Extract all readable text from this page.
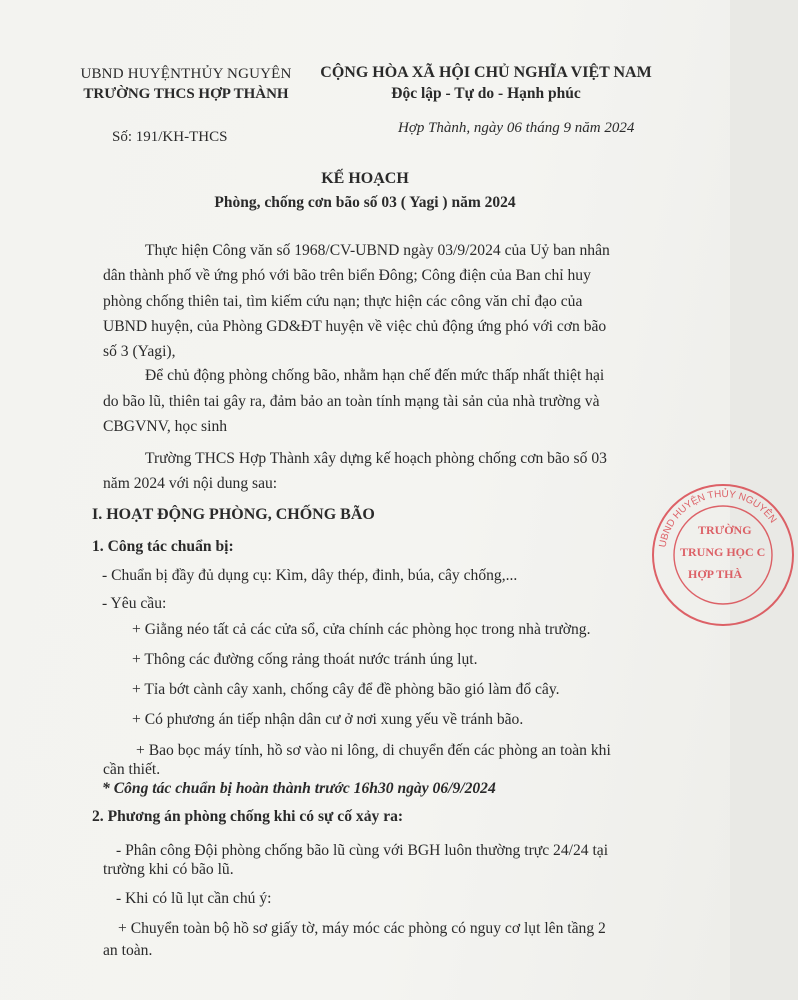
UBND HUYỆNTHỦY NGUYÊN
TRƯỜNG THCS HỢP THÀNH
CỘNG HÒA XÃ HỘI CHỦ NGHĨA VIỆT NAM
Độc lập - Tự do - Hạnh phúc
Số: 191/KH-THCS
Hợp Thành, ngày 06 tháng 9 năm 2024
KẾ HOẠCH
Phòng, chống cơn bão số 03 ( Yagi ) năm 2024
Thực hiện Công văn số 1968/CV-UBND ngày 03/9/2024 của Uỷ ban nhân
dân thành phố về ứng phó với bão trên biển Đông; Công điện của Ban chỉ huy
phòng chống thiên tai, tìm kiếm cứu nạn; thực hiện các công văn chỉ đạo của
UBND huyện, của Phòng GD&ĐT huyện về việc chủ động ứng phó với cơn bão
số 3 (Yagi),
Để chủ động phòng chống bão, nhằm hạn chế đến mức thấp nhất thiệt hại
do bão lũ, thiên tai gây ra, đảm bảo an toàn tính mạng tài sản của nhà trường và
CBGVNV, học sinh
Trường THCS Hợp Thành xây dựng kế hoạch phòng chống cơn bão số 03
năm 2024 với nội dung sau:
I. HOẠT ĐỘNG PHÒNG, CHỐNG BÃO
1. Công tác chuẩn bị:
- Chuẩn bị đầy đủ dụng cụ: Kìm, dây thép, đinh, búa, cây chống,...
- Yêu cầu:
+ Giằng néo tất cả các cửa sổ, cửa chính các phòng học trong nhà trường.
+ Thông các đường cống rảng thoát nước tránh úng lụt.
+ Tỉa bớt cành cây xanh, chống cây để đề phòng bão gió làm đổ cây.
+ Có phương án tiếp nhận dân cư ở nơi xung yếu về tránh bão.
+ Bao bọc máy tính, hồ sơ vào ni lông, di chuyển đến các phòng an toàn khi
cần thiết.
* Công tác chuẩn bị hoàn thành trước 16h30 ngày 06/9/2024
2. Phương án phòng chống khi có sự cố xảy ra:
- Phân công Đội phòng chống bão lũ cùng với BGH luôn thường trực 24/24 tại
trường khi có bão lũ.
- Khi có lũ lụt cần chú ý:
+ Chuyển toàn bộ hồ sơ giấy tờ, máy móc các phòng có nguy cơ lụt lên tầng 2
an toàn.
UBND HUYỆN THỦY NGUYÊN
TRƯỜNG
TRUNG HỌC C
HỢP THÀ
